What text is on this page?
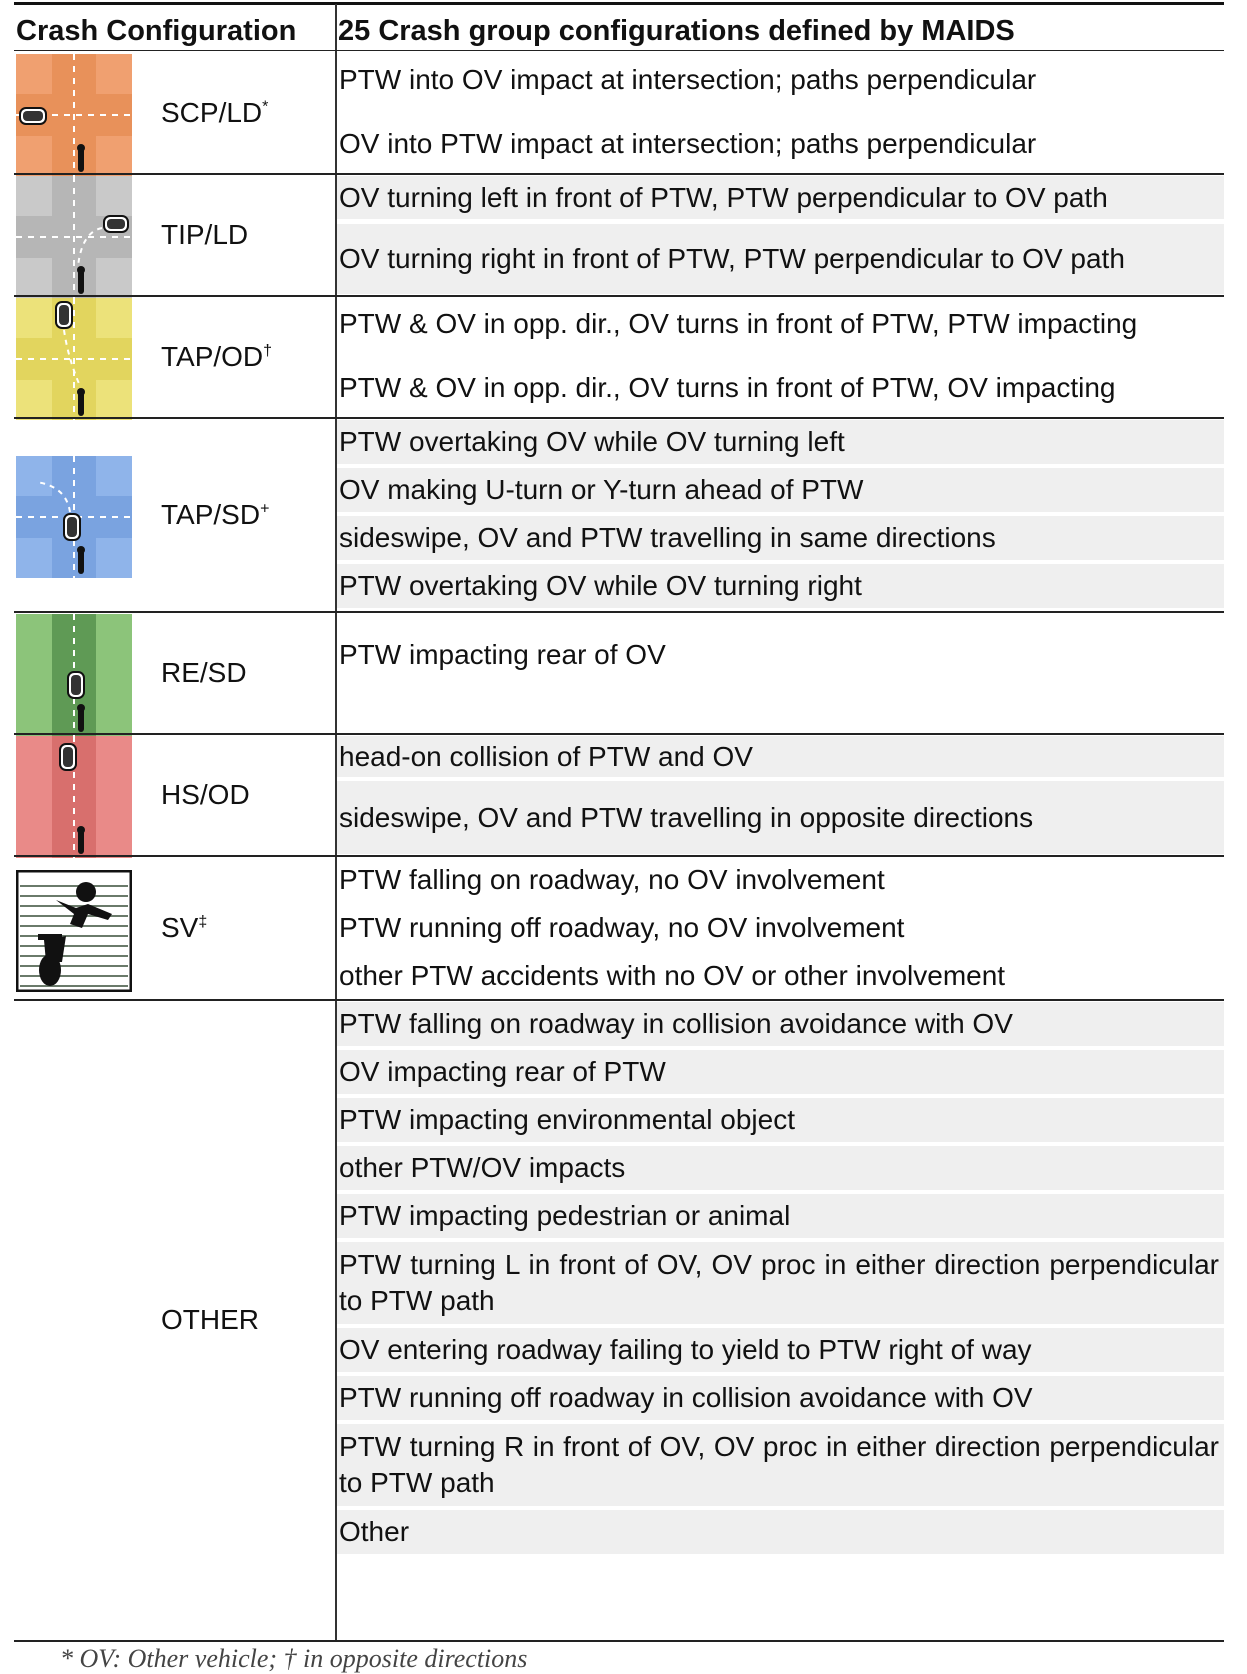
Crash Configuration 25 Crash group configurations defined by MAIDS
PTW into OV impact at intersection; paths perpendicular
OV into PTW impact at intersection; paths perpendicular
SCP/LD*
OV turning left in front of PTW, PTW perpendicular to OV path
OV turning right in front of PTW, PTW perpendicular to OV path
TIP/LD
PTW & OV in opp. dir., OV turns in front of PTW, PTW impacting
PTW & OV in opp. dir., OV turns in front of PTW, OV impacting
TAP/OD†
PTW overtaking OV while OV turning left
OV making U-turn or Y-turn ahead of PTW
sideswipe, OV and PTW travelling in same directions
PTW overtaking OV while OV turning right
TAP/SD+
PTW impacting rear of OV
RE/SD
head-on collision of PTW and OV
sideswipe, OV and PTW travelling in opposite directions
HS/OD
PTW falling on roadway, no OV involvement
PTW running off roadway, no OV involvement
other PTW accidents with no OV or other involvement
SV‡
PTW falling on roadway in collision avoidance with OV
OV impacting rear of PTW
PTW impacting environmental object
other PTW/OV impacts
PTW impacting pedestrian or animal
PTW turning L in front of OV, OV proc in either direction perpendicular to PTW path
OV entering roadway failing to yield to PTW right of way
PTW running off roadway in collision avoidance with OV
PTW turning R in front of OV, OV proc in either direction perpendicular to PTW path
Other
OTHER
* OV: Other vehicle; † in opposite directions
